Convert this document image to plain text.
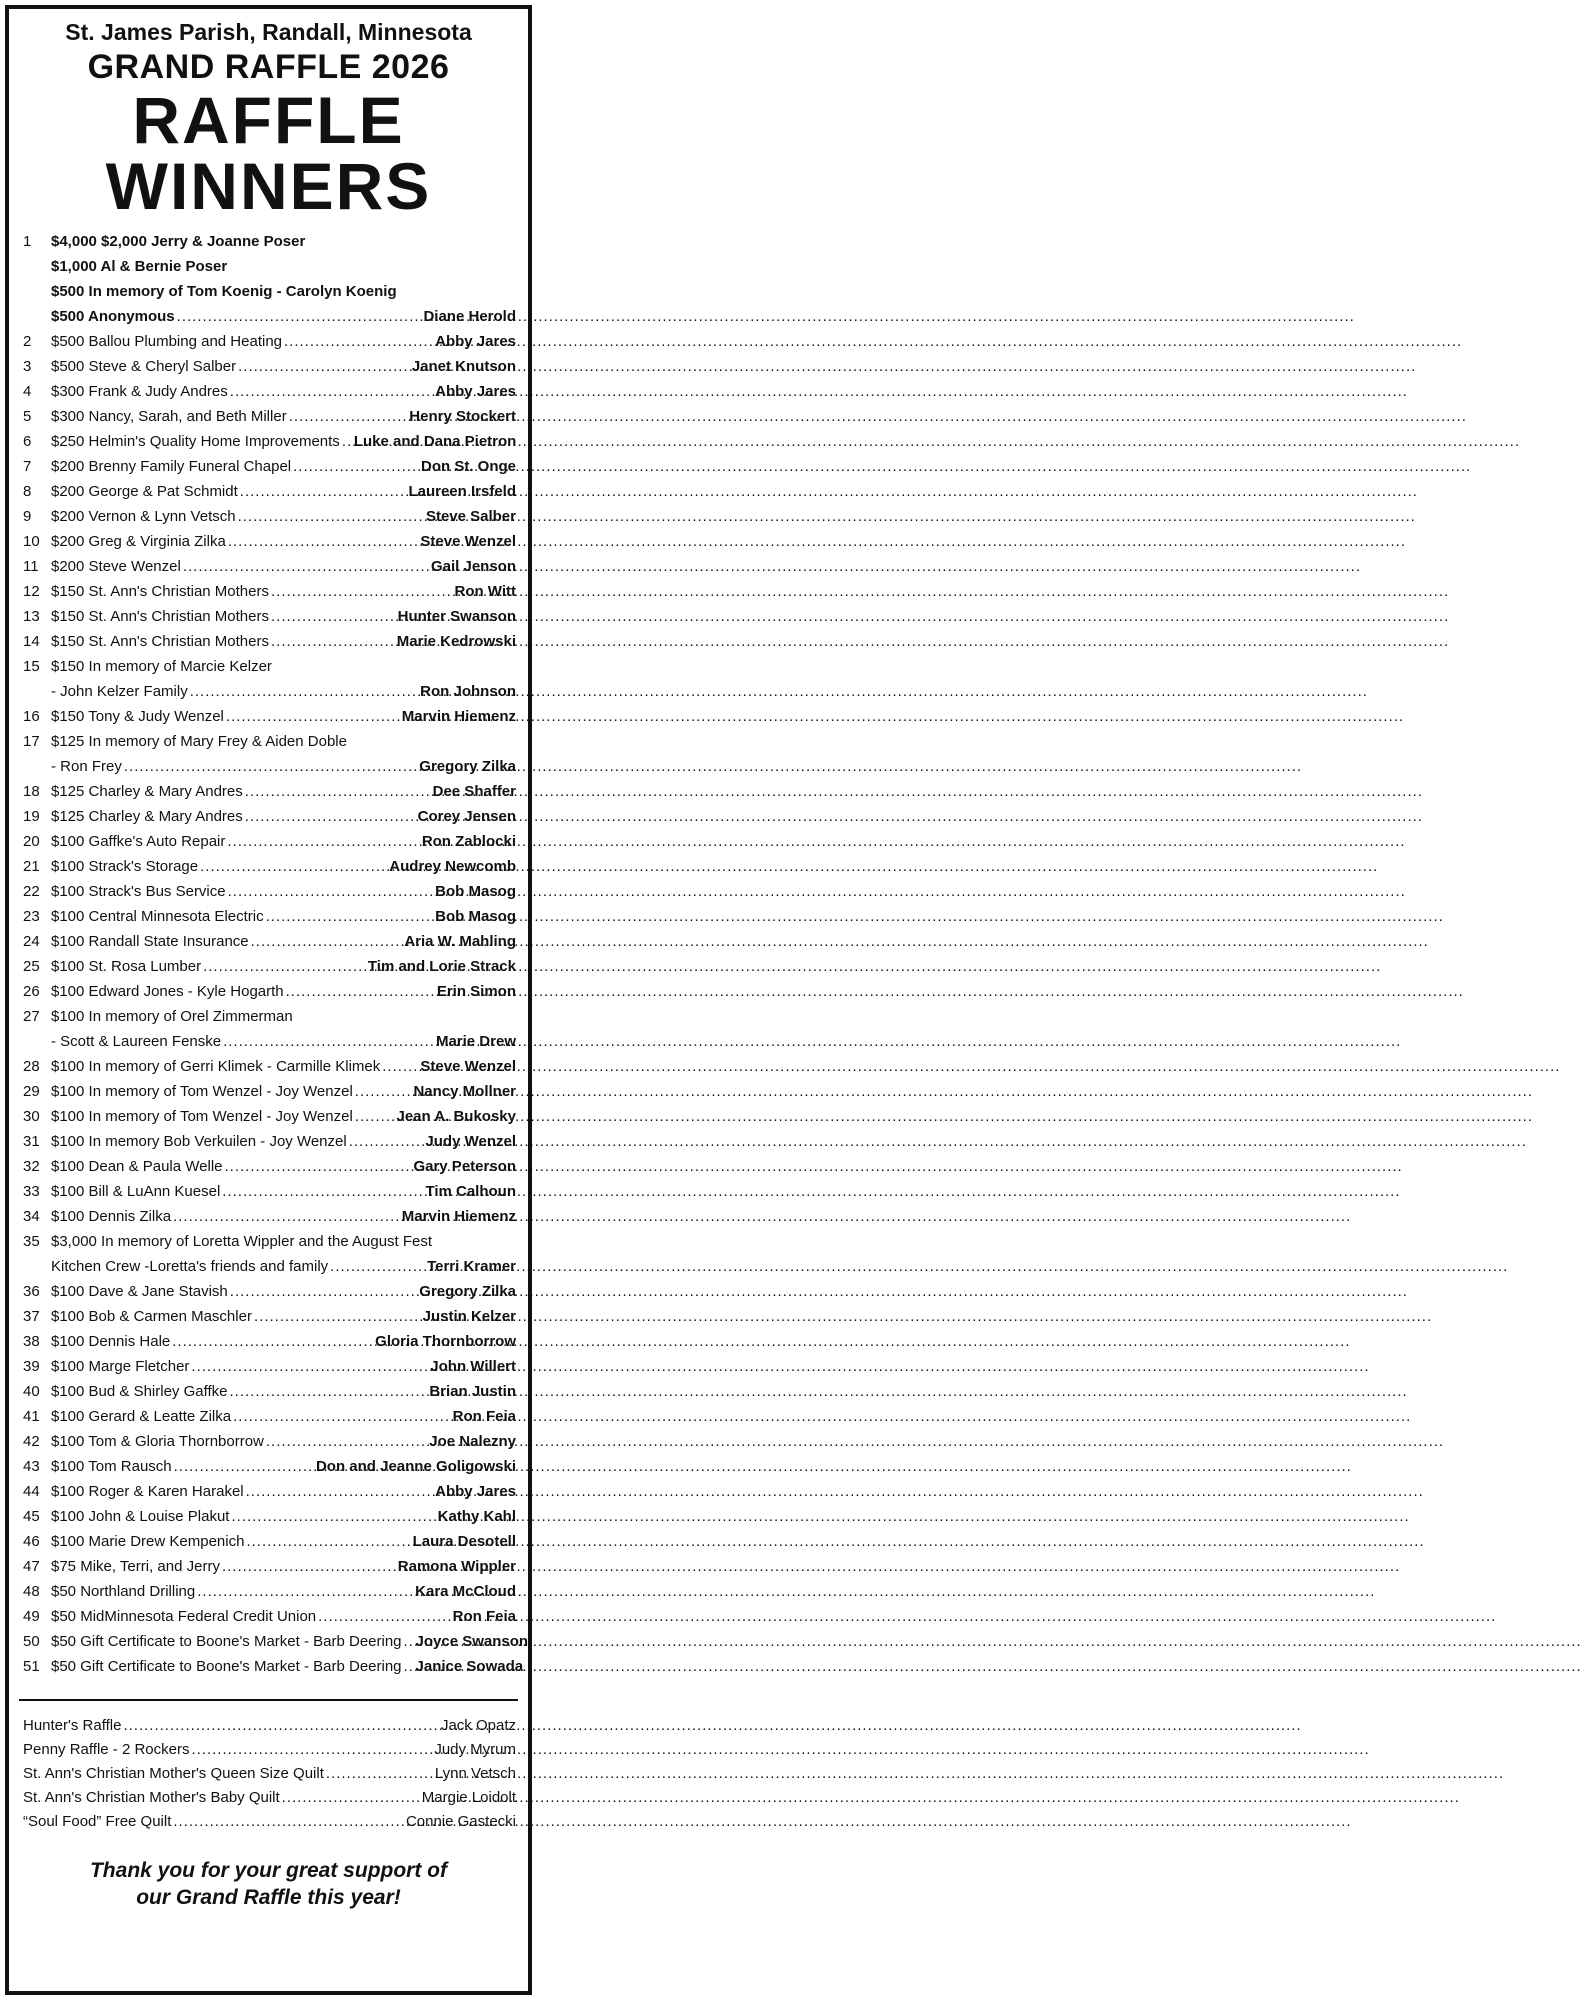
St. James Parish, Randall, Minnesota
GRAND RAFFLE 2026
RAFFLE
WINNERS
1	$4,000 $2,000 Jerry & Joanne Poser
$1,000 Al & Bernie Poser
$500 In memory of Tom Koenig - Carolyn Koenig
$500 Anonymous .....	Diane Herold
2	$500 Ballou Plumbing and Heating .....	Abby Jares
3	$500 Steve & Cheryl Salber .....	Janet Knutson
4	$300 Frank & Judy Andres .....	Abby Jares
5	$300 Nancy, Sarah, and Beth Miller .....	Henry Stockert
6	$250 Helmin's Quality Home Improvements ..... Luke and Dana Pietron
7	$200 Brenny Family Funeral Chapel .....	Don St. Onge
8	$200 George & Pat Schmidt .....	Laureen Irsfeld
9	$200 Vernon & Lynn Vetsch .....	Steve Salber
10 $200 Greg & Virginia Zilka .....	Steve Wenzel
11 $200 Steve Wenzel .....	Gail Jenson
12 $150 St. Ann's Christian Mothers .....	Ron Witt
13 $150 St. Ann's Christian Mothers .....	Hunter Swanson
14 $150 St. Ann's Christian Mothers .....	Marie Kedrowski
15 $150 In memory of Marcie Kelzer
- John Kelzer Family .....	Ron Johnson
16 $150 Tony & Judy Wenzel .....	Marvin Hiemenz
17 $125 In memory of Mary Frey & Aiden Doble
- Ron Frey .....	Gregory Zilka
18 $125 Charley & Mary Andres .....	Dee Shaffer
19 $125 Charley & Mary Andres .....	Corey Jensen
20 $100 Gaffke's Auto Repair .....	Ron Zablocki
21 $100 Strack's Storage .....	Audrey Newcomb
22 $100 Strack's Bus Service .....	Bob Masog
23 $100 Central Minnesota Electric .....	Bob Masog
24 $100 Randall State Insurance .....	Aria W. Mahling
25 $100 St. Rosa Lumber .....	Tim and Lorie Strack
26 $100 Edward Jones - Kyle Hogarth .....	Erin Simon
27 $100 In memory of Orel Zimmerman
- Scott & Laureen Fenske .....	Marie Drew
28 $100 In memory of Gerri Klimek - Carmille Klimek .....	Steve Wenzel
29 $100 In memory of Tom Wenzel - Joy Wenzel .....	Nancy Mollner
30 $100 In memory of Tom Wenzel - Joy Wenzel .....	Jean A. Bukosky
31 $100 In memory Bob Verkuilen - Joy Wenzel .....	Judy Wenzel
32 $100 Dean & Paula Welle .....	Gary Peterson
33 $100 Bill & LuAnn Kuesel .....	Tim Calhoun
34 $100 Dennis Zilka .....	Marvin Hiemenz
35 $3,000 In memory of Loretta Wippler and the August Fest
Kitchen Crew -Loretta's friends and family .....	Terri Kramer
36 $100 Dave & Jane Stavish .....	Gregory Zilka
37 $100 Bob & Carmen Maschler .....	Justin Kelzer
38 $100 Dennis Hale .....	Gloria Thornborrow
39 $100 Marge Fletcher .....	John Willert
40 $100 Bud & Shirley Gaffke .....	Brian Justin
41 $100 Gerard & Leatte Zilka .....	Ron Feia
42 $100 Tom & Gloria Thornborrow .....	Joe Nalezny
43 $100 Tom Rausch .....	Don and Jeanne Goligowski
44 $100 Roger & Karen Harakel .....	Abby Jares
45 $100 John & Louise Plakut .....	Kathy Kahl
46 $100 Marie Drew Kempenich .....	Laura Desotell
47 $75 Mike, Terri, and Jerry .....	Ramona Wippler
48 $50 Northland Drilling .....	Kara McCloud
49 $50 MidMinnesota Federal Credit Union .....	Ron Feia
50 $50 Gift Certificate to Boone's Market - Barb Deering ..... Joyce Swanson
51 $50 Gift Certificate to Boone's Market - Barb Deering ..... Janice Sowada
Hunter's Raffle .....	Jack Opatz
Penny Raffle - 2 Rockers .....	Judy Myrum
St. Ann's Christian Mother's Queen Size Quilt .....	Lynn Vetsch
St. Ann's Christian Mother's Baby Quilt .....	Margie Loidolt
“Soul Food” Free Quilt .....	Connie Gastecki
Thank you for your great support of
our Grand Raffle this year!
